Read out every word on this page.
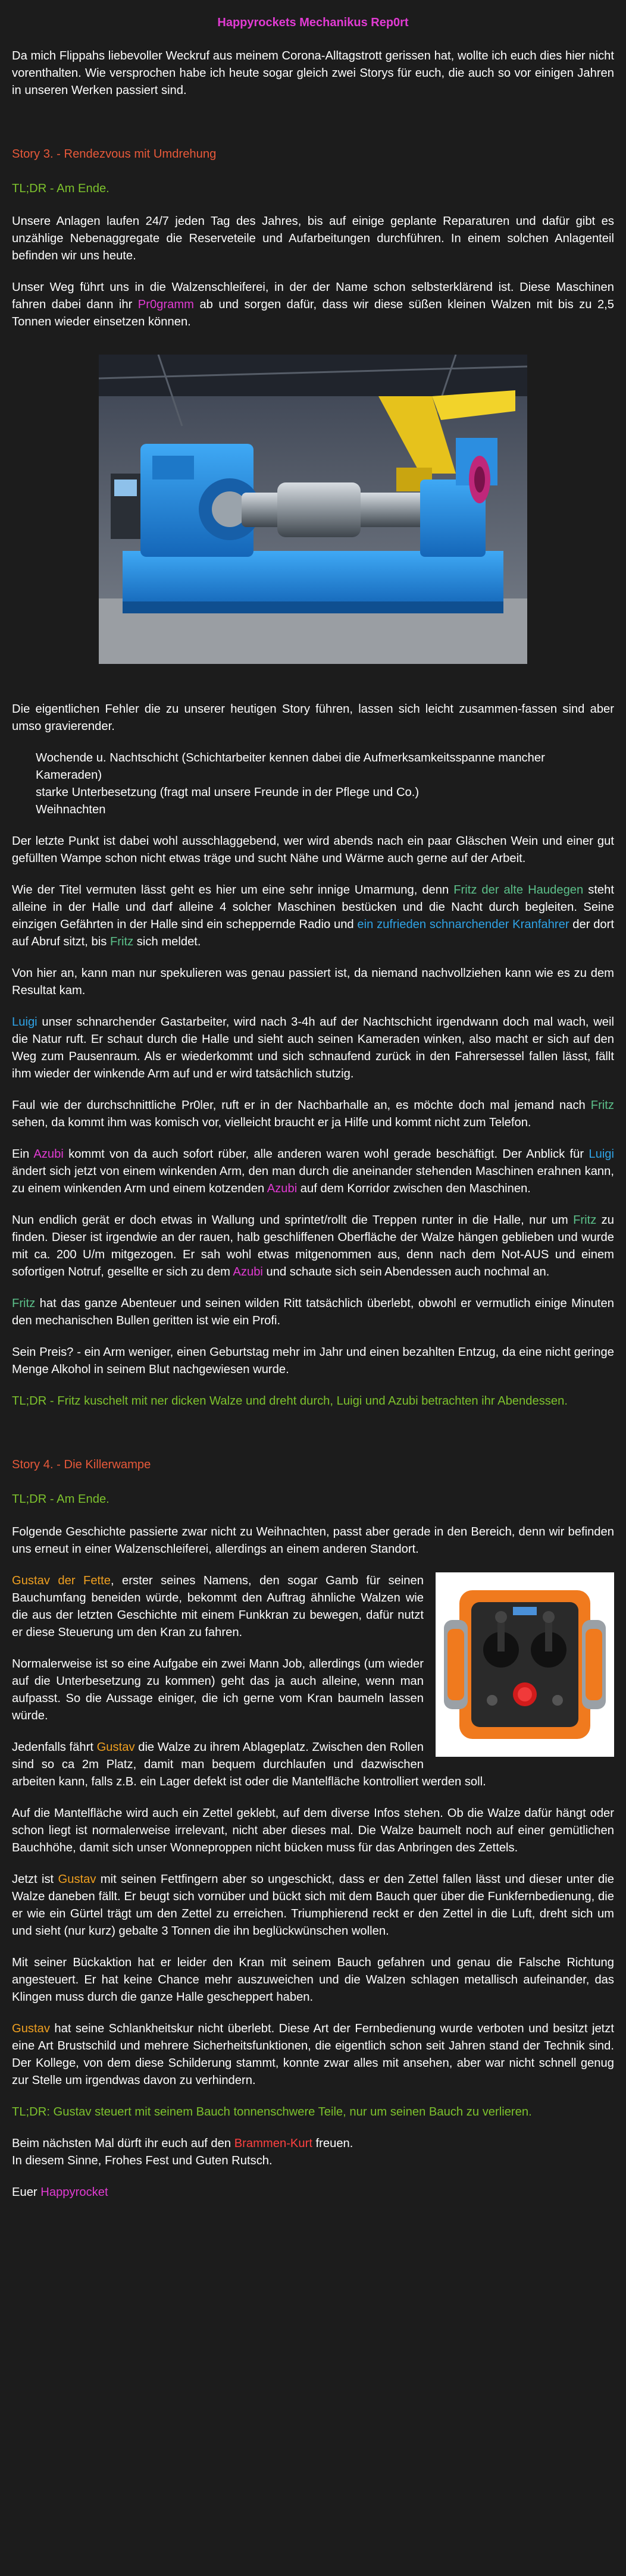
Happyrockets Mechanikus Rep0rt

Da mich Flippahs liebevoller Weckruf aus meinem Corona-Alltagstrott gerissen hat, wollte ich euch dies hier nicht vorenthalten. Wie versprochen habe ich heute sogar gleich zwei Storys für euch, die auch so vor einigen Jahren in unseren Werken passiert sind.

Story 3. - Rendezvous mit Umdrehung
TL;DR - Am Ende.

Unsere Anlagen laufen 24/7 jeden Tag des Jahres, bis auf einige geplante Reparaturen und dafür gibt es unzählige Nebenaggregate die Reserveteile und Aufarbeitungen durchführen. In einem solchen Anlagenteil befinden wir uns heute.

Unser Weg führt uns in die Walzenschleiferei, in der der Name schon selbsterklärend ist. Diese Maschinen fahren dabei dann ihr Pr0gramm ab und sorgen dafür, dass wir diese süßen kleinen Walzen mit bis zu 2,5 Tonnen wieder einsetzen können.

Die eigentlichen Fehler die zu unserer heutigen Story führen, lassen sich leicht zusammen-fassen sind aber umso gravierender.

Wochende u. Nachtschicht (Schichtarbeiter kennen dabei die Aufmerksamkeitsspanne mancher Kameraden)
starke Unterbesetzung (fragt mal unsere Freunde in der Pflege und Co.)
Weihnachten

Der letzte Punkt ist dabei wohl ausschlaggebend, wer wird abends nach ein paar Gläschen Wein und einer gut gefüllten Wampe schon nicht etwas träge und sucht Nähe und Wärme auch gerne auf der Arbeit.

Wie der Titel vermuten lässt geht es hier um eine sehr innige Umarmung, denn Fritz der alte Haudegen steht alleine in der Halle und darf alleine 4 solcher Maschinen bestücken und die Nacht durch begleiten. Seine einzigen Gefährten in der Halle sind ein scheppernde Radio und ein zufrieden schnarchender Kranfahrer der dort auf Abruf sitzt, bis Fritz sich meldet.

Von hier an, kann man nur spekulieren was genau passiert ist, da niemand nachvollziehen kann wie es zu dem Resultat kam.

Luigi unser schnarchender Gastarbeiter, wird nach 3-4h auf der Nachtschicht irgendwann doch mal wach, weil die Natur ruft. Er schaut durch die Halle und sieht auch seinen Kameraden winken, also macht er sich auf den Weg zum Pausenraum. Als er wiederkommt und sich schnaufend zurück in den Fahrersessel fallen lässt, fällt ihm wieder der winkende Arm auf und er wird tatsächlich stutzig.

Faul wie der durchschnittliche Pr0ler, ruft er in der Nachbarhalle an, es möchte doch mal jemand nach Fritz sehen, da kommt ihm was komisch vor, vielleicht braucht er ja Hilfe und kommt nicht zum Telefon.

Ein Azubi kommt von da auch sofort rüber, alle anderen waren wohl gerade beschäftigt. Der Anblick für Luigi ändert sich jetzt von einem winkenden Arm, den man durch die aneinander stehenden Maschinen erahnen kann, zu einem winkenden Arm und einem kotzenden Azubi auf dem Korridor zwischen den Maschinen.

Nun endlich gerät er doch etwas in Wallung und sprintet/rollt die Treppen runter in die Halle, nur um Fritz zu finden. Dieser ist irgendwie an der rauen, halb geschliffenen Oberfläche der Walze hängen geblieben und wurde mit ca. 200 U/m mitgezogen. Er sah wohl etwas mitgenommen aus, denn nach dem Not-AUS und einem sofortigen Notruf, gesellte er sich zu dem Azubi und schaute sich sein Abendessen auch nochmal an.

Fritz hat das ganze Abenteuer und seinen wilden Ritt tatsächlich überlebt, obwohl er vermutlich einige Minuten den mechanischen Bullen geritten ist wie ein Profi.

Sein Preis? - ein Arm weniger, einen Geburtstag mehr im Jahr und einen bezahlten Entzug, da eine nicht geringe Menge Alkohol in seinem Blut nachgewiesen wurde.

TL;DR - Fritz kuschelt mit ner dicken Walze und dreht durch, Luigi und Azubi betrachten ihr Abendessen.

Story 4. - Die Killerwampe
TL;DR - Am Ende.

Folgende Geschichte passierte zwar nicht zu Weihnachten, passt aber gerade in den Bereich, denn wir befinden uns erneut in einer Walzenschleiferei, allerdings an einem anderen Standort.

Gustav der Fette, erster seines Namens, den sogar Gamb für seinen Bauchumfang beneiden würde, bekommt den Auftrag ähnliche Walzen wie die aus der letzten Geschichte mit einem Funkkran zu bewegen, dafür nutzt er diese Steuerung um den Kran zu fahren.

Normalerweise ist so eine Aufgabe ein zwei Mann Job, allerdings (um wieder auf die Unterbesetzung zu kommen) geht das ja auch alleine, wenn man aufpasst. So die Aussage einiger, die ich gerne vom Kran baumeln lassen würde.

Jedenfalls fährt Gustav die Walze zu ihrem Ablageplatz. Zwischen den Rollen sind so ca 2m Platz, damit man bequem durchlaufen und dazwischen arbeiten kann, falls z.B. ein Lager defekt ist oder die Mantelfläche kontrolliert werden soll.

Auf die Mantelfläche wird auch ein Zettel geklebt, auf dem diverse Infos stehen. Ob die Walze dafür hängt oder schon liegt ist normalerweise irrelevant, nicht aber dieses mal. Die Walze baumelt noch auf einer gemütlichen Bauchhöhe, damit sich unser Wonneproppen nicht bücken muss für das Anbringen des Zettels.

Jetzt ist Gustav mit seinen Fettfingern aber so ungeschickt, dass er den Zettel fallen lässt und dieser unter die Walze daneben fällt. Er beugt sich vornüber und bückt sich mit dem Bauch quer über die Funkfernbedienung, die er wie ein Gürtel trägt um den Zettel zu erreichen. Triumphierend reckt er den Zettel in die Luft, dreht sich um und sieht (nur kurz) gebalte 3 Tonnen die ihn beglückwünschen wollen.

Mit seiner Bückaktion hat er leider den Kran mit seinem Bauch gefahren und genau die Falsche Richtung angesteuert. Er hat keine Chance mehr auszuweichen und die Walzen schlagen metallisch aufeinander, das Klingen muss durch die ganze Halle gescheppert haben.

Gustav hat seine Schlankheitskur nicht überlebt. Diese Art der Fernbedienung wurde verboten und besitzt jetzt eine Art Brustschild und mehrere Sicherheitsfunktionen, die eigentlich schon seit Jahren stand der Technik sind. Der Kollege, von dem diese Schilderung stammt, konnte zwar alles mit ansehen, aber war nicht schnell genug zur Stelle um irgendwas davon zu verhindern.

TL;DR: Gustav steuert mit seinem Bauch tonnenschwere Teile, nur um seinen Bauch zu verlieren.

Beim nächsten Mal dürft ihr euch auf den Brammen-Kurt freuen.
In diesem Sinne, Frohes Fest und Guten Rutsch.

Euer Happyrocket
